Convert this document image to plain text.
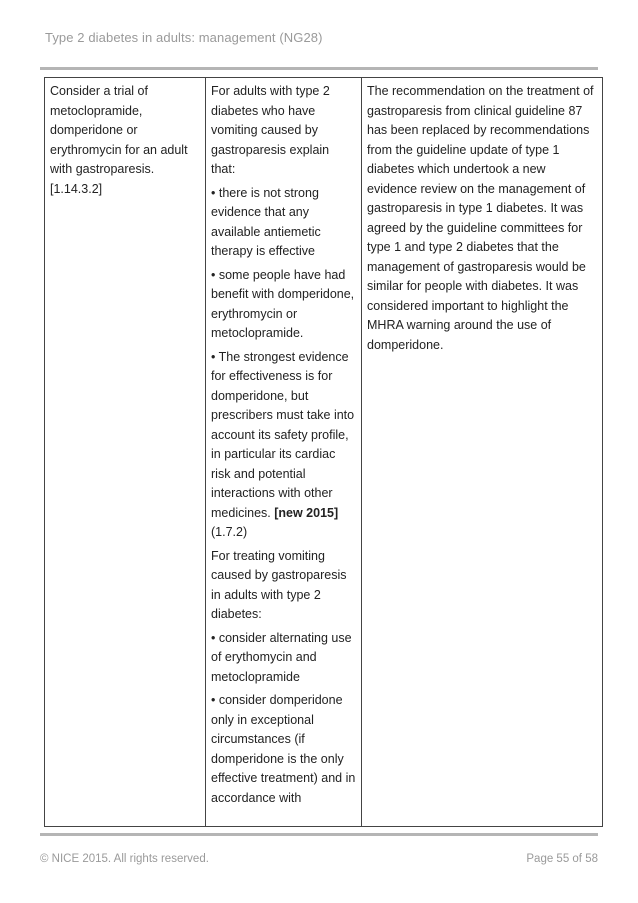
Type 2 diabetes in adults: management (NG28)
Consider a trial of metoclopramide, domperidone or erythromycin for an adult with gastroparesis. [1.14.3.2]

For adults with type 2 diabetes who have vomiting caused by gastroparesis explain that:
• there is not strong evidence that any available antiemetic therapy is effective
• some people have had benefit with domperidone, erythromycin or metoclopramide.
• The strongest evidence for effectiveness is for domperidone, but prescribers must take into account its safety profile, in particular its cardiac risk and potential interactions with other medicines. [new 2015] (1.7.2)
For treating vomiting caused by gastroparesis in adults with type 2 diabetes:
• consider alternating use of erythomycin and metoclopramide
• consider domperidone only in exceptional circumstances (if domperidone is the only effective treatment) and in accordance with

The recommendation on the treatment of gastroparesis from clinical guideline 87 has been replaced by recommendations from the guideline update of type 1 diabetes which undertook a new evidence review on the management of gastroparesis in type 1 diabetes. It was agreed by the guideline committees for type 1 and type 2 diabetes that the management of gastroparesis would be similar for people with diabetes. It was considered important to highlight the MHRA warning around the use of domperidone.
© NICE 2015. All rights reserved.	Page 55 of 58
